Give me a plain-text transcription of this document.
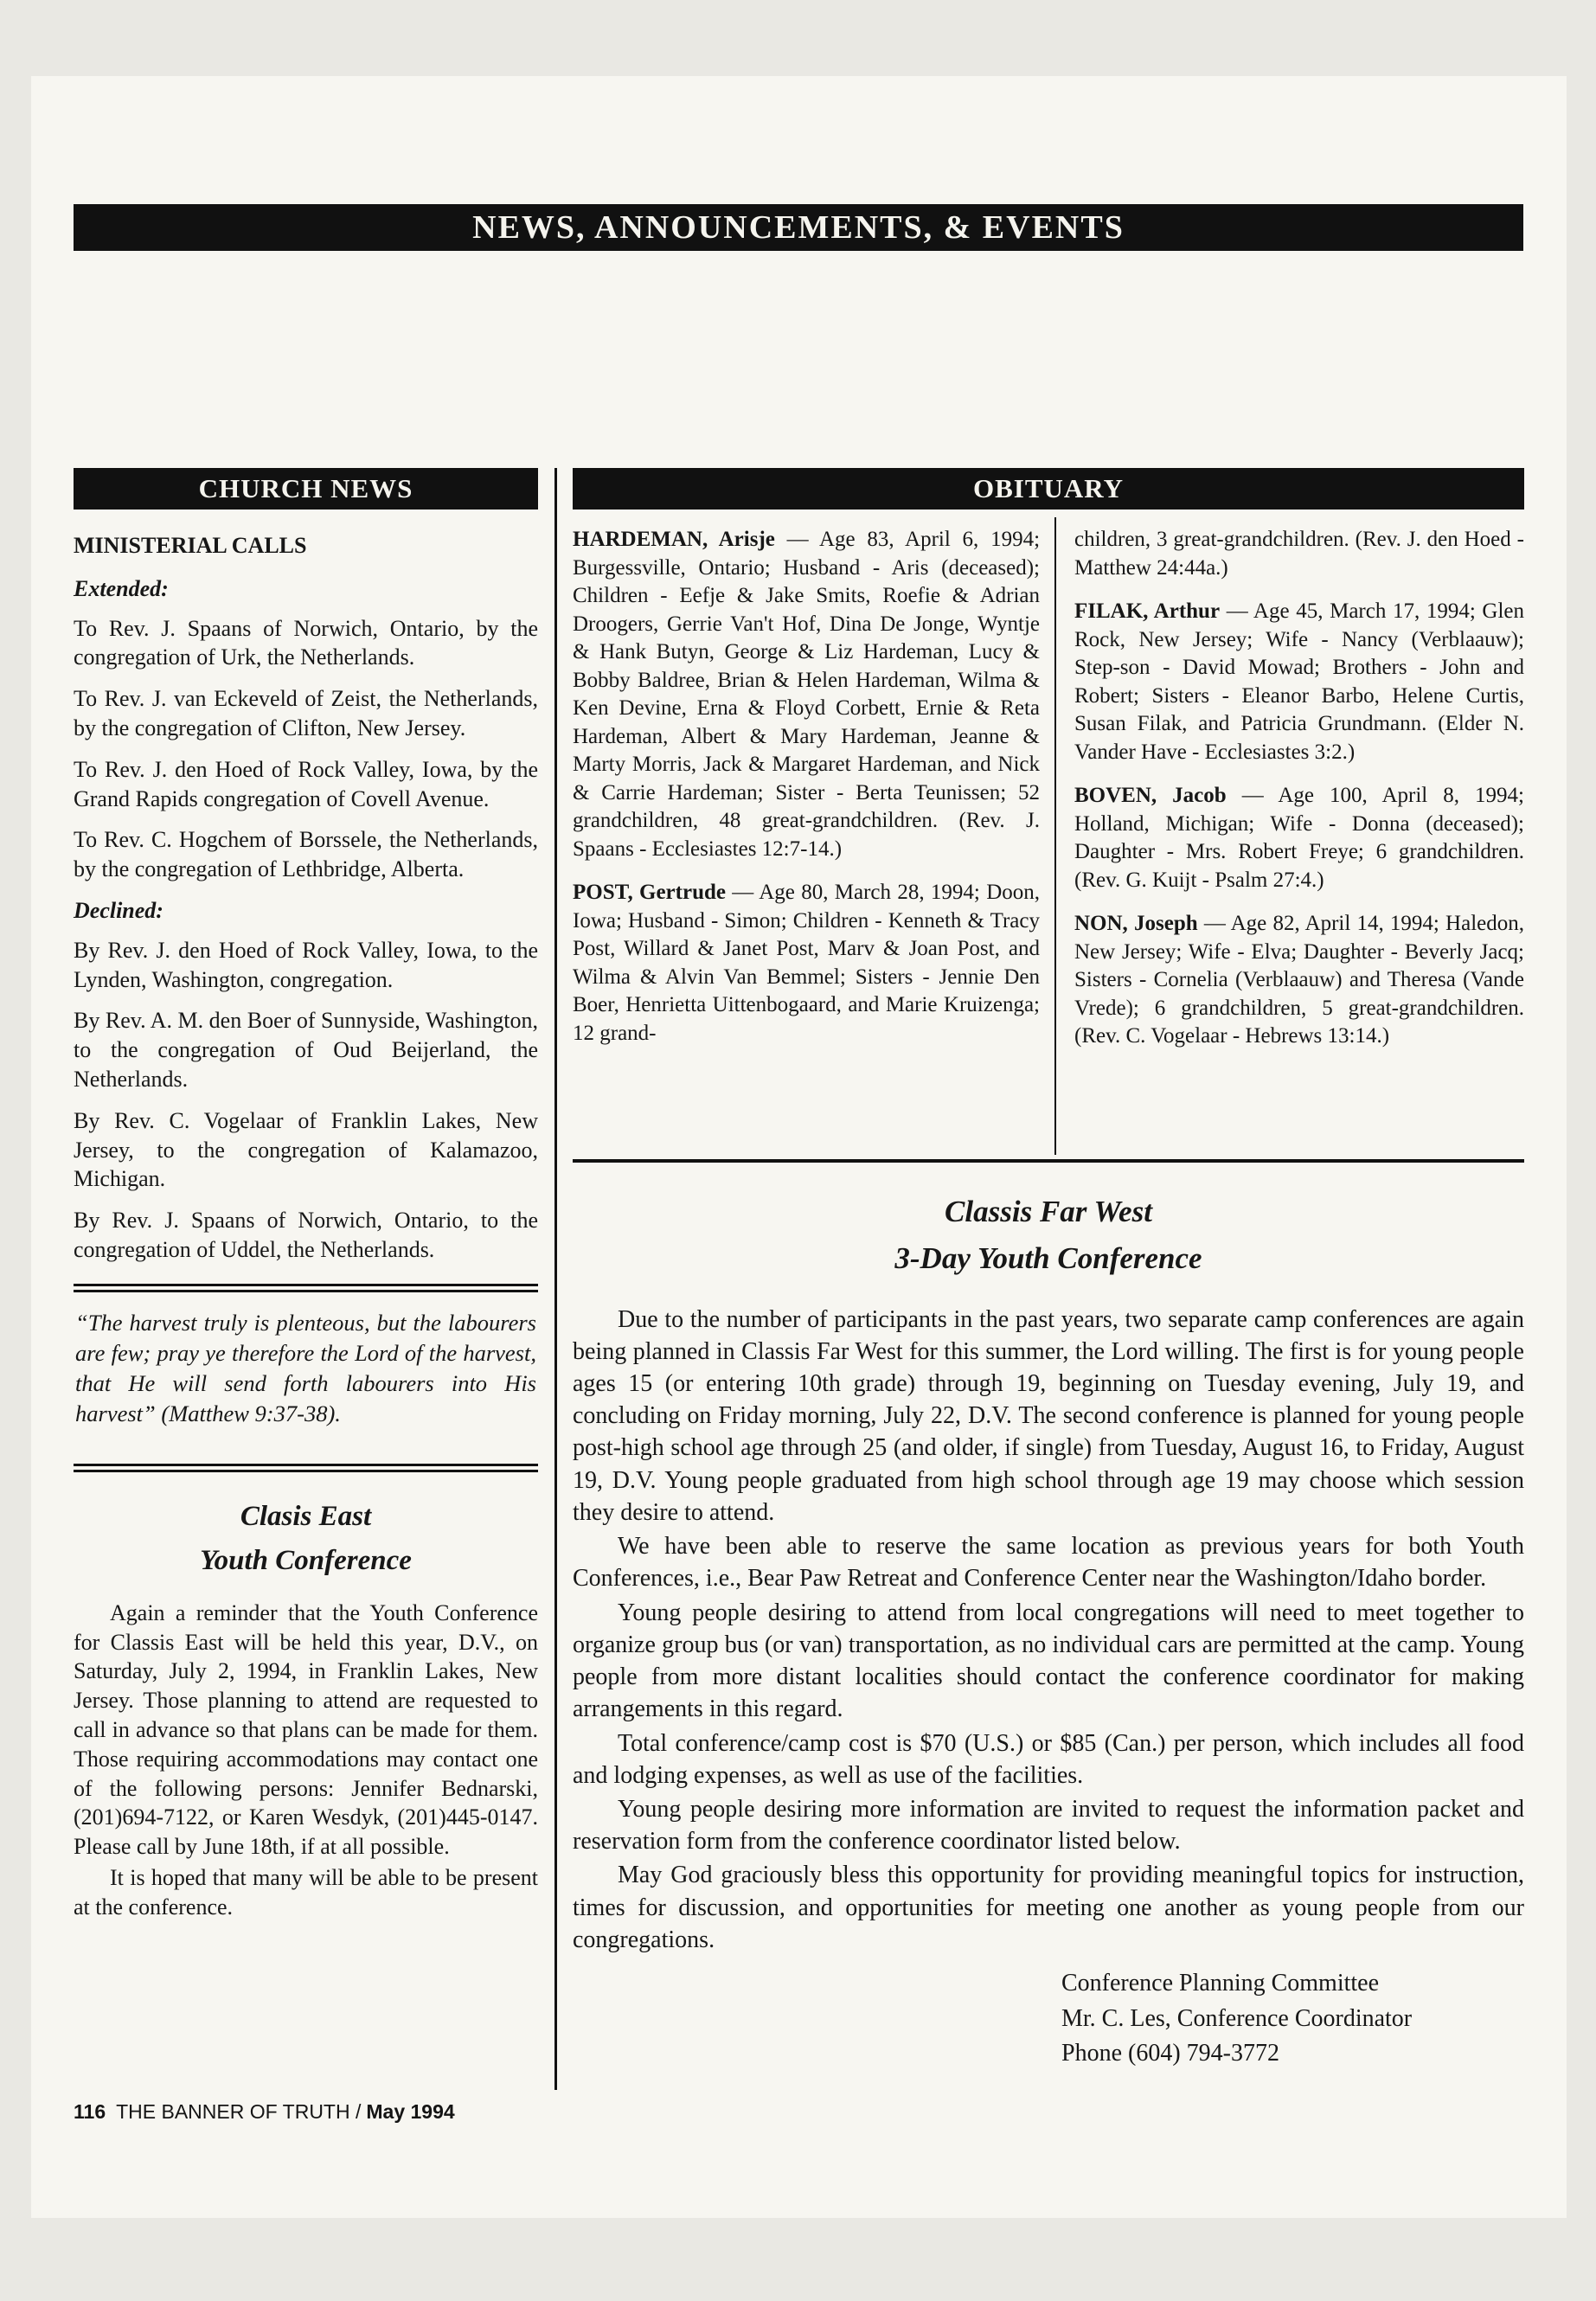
NEWS, ANNOUNCEMENTS, & EVENTS
CHURCH NEWS	OBITUARY
MINISTERIAL CALLS

Extended:

To Rev. J. Spaans of Norwich, Ontario, by the congregation of Urk, the Netherlands.

To Rev. J. van Eckeveld of Zeist, the Netherlands, by the congregation of Clifton, New Jersey.

To Rev. J. den Hoed of Rock Valley, Iowa, by the Grand Rapids congregation of Covell Avenue.

To Rev. C. Hogchem of Borssele, the Netherlands, by the congregation of Lethbridge, Alberta.

Declined:

By Rev. J. den Hoed of Rock Valley, Iowa, to the Lynden, Washington, congregation.

By Rev. A. M. den Boer of Sunnyside, Washington, to the congregation of Oud Beijerland, the Netherlands.

By Rev. C. Vogelaar of Franklin Lakes, New Jersey, to the congregation of Kalamazoo, Michigan.

By Rev. J. Spaans of Norwich, Ontario, to the congregation of Uddel, the Netherlands.

“The harvest truly is plenteous, but the labourers are few; pray ye therefore the Lord of the harvest, that He will send forth labourers into His harvest” (Matthew 9:37-38).

Clasis East
Youth Conference

Again a reminder that the Youth Conference for Classis East will be held this year, D.V., on Saturday, July 2, 1994, in Franklin Lakes, New Jersey. Those planning to attend are requested to call in advance so that plans can be made for them. Those requiring accommodations may contact one of the following persons: Jennifer Bednarski, (201)694-7122, or Karen Wesdyk, (201)445-0147. Please call by June 18th, if at all possible.

It is hoped that many will be able to be present at the conference.

HARDEMAN, Arisje — Age 83, April 6, 1994; Burgessville, Ontario; Husband - Aris (deceased); Children - Eefje & Jake Smits, Roefie & Adrian Droogers, Gerrie Van't Hof, Dina De Jonge, Wyntje & Hank Butyn, George & Liz Hardeman, Lucy & Bobby Baldree, Brian & Helen Hardeman, Wilma & Ken Devine, Erna & Floyd Corbett, Ernie & Reta Hardeman, Albert & Mary Hardeman, Jeanne & Marty Morris, Jack & Margaret Hardeman, and Nick & Carrie Hardeman; Sister - Berta Teunissen; 52 grandchildren, 48 great-grandchildren. (Rev. J. Spaans - Ecclesiastes 12:7-14.)

POST, Gertrude — Age 80, March 28, 1994; Doon, Iowa; Husband - Simon; Children - Kenneth & Tracy Post, Willard & Janet Post, Marv & Joan Post, and Wilma & Alvin Van Bemmel; Sisters - Jennie Den Boer, Henrietta Uittenbogaard, and Marie Kruizenga; 12 grand-

children, 3 great-grandchildren. (Rev. J. den Hoed - Matthew 24:44a.)

FILAK, Arthur — Age 45, March 17, 1994; Glen Rock, New Jersey; Wife - Nancy (Verblaauw); Step-son - David Mowad; Brothers - John and Robert; Sisters - Eleanor Barbo, Helene Curtis, Susan Filak, and Patricia Grundmann. (Elder N. Vander Have - Ecclesiastes 3:2.)

BOVEN, Jacob — Age 100, April 8, 1994; Holland, Michigan; Wife - Donna (deceased); Daughter - Mrs. Robert Freye; 6 grandchildren. (Rev. G. Kuijt - Psalm 27:4.)

NON, Joseph — Age 82, April 14, 1994; Haledon, New Jersey; Wife - Elva; Daughter - Beverly Jacq; Sisters - Cornelia (Verblaauw) and Theresa (Vande Vrede); 6 grandchildren, 5 great-grandchildren. (Rev. C. Vogelaar - Hebrews 13:14.)

Classis Far West
3-Day Youth Conference

Due to the number of participants in the past years, two separate camp conferences are again being planned in Classis Far West for this summer, the Lord willing. The first is for young people ages 15 (or entering 10th grade) through 19, beginning on Tuesday evening, July 19, and concluding on Friday morning, July 22, D.V. The second conference is planned for young people post-high school age through 25 (and older, if single) from Tuesday, August 16, to Friday, August 19, D.V. Young people graduated from high school through age 19 may choose which session they desire to attend.

We have been able to reserve the same location as previous years for both Youth Conferences, i.e., Bear Paw Retreat and Conference Center near the Washington/Idaho border.

Young people desiring to attend from local congregations will need to meet together to organize group bus (or van) transportation, as no individual cars are permitted at the camp. Young people from more distant localities should contact the conference coordinator for making arrangements in this regard.

Total conference/camp cost is $70 (U.S.) or $85 (Can.) per person, which includes all food and lodging expenses, as well as use of the facilities.

Young people desiring more information are invited to request the information packet and reservation form from the conference coordinator listed below.

May God graciously bless this opportunity for providing meaningful topics for instruction, times for discussion, and opportunities for meeting one another as young people from our congregations.

Conference Planning Committee

Mr. C. Les, Conference Coordinator

Phone (604) 794-3772

116 THE BANNER OF TRUTH / May 1994
